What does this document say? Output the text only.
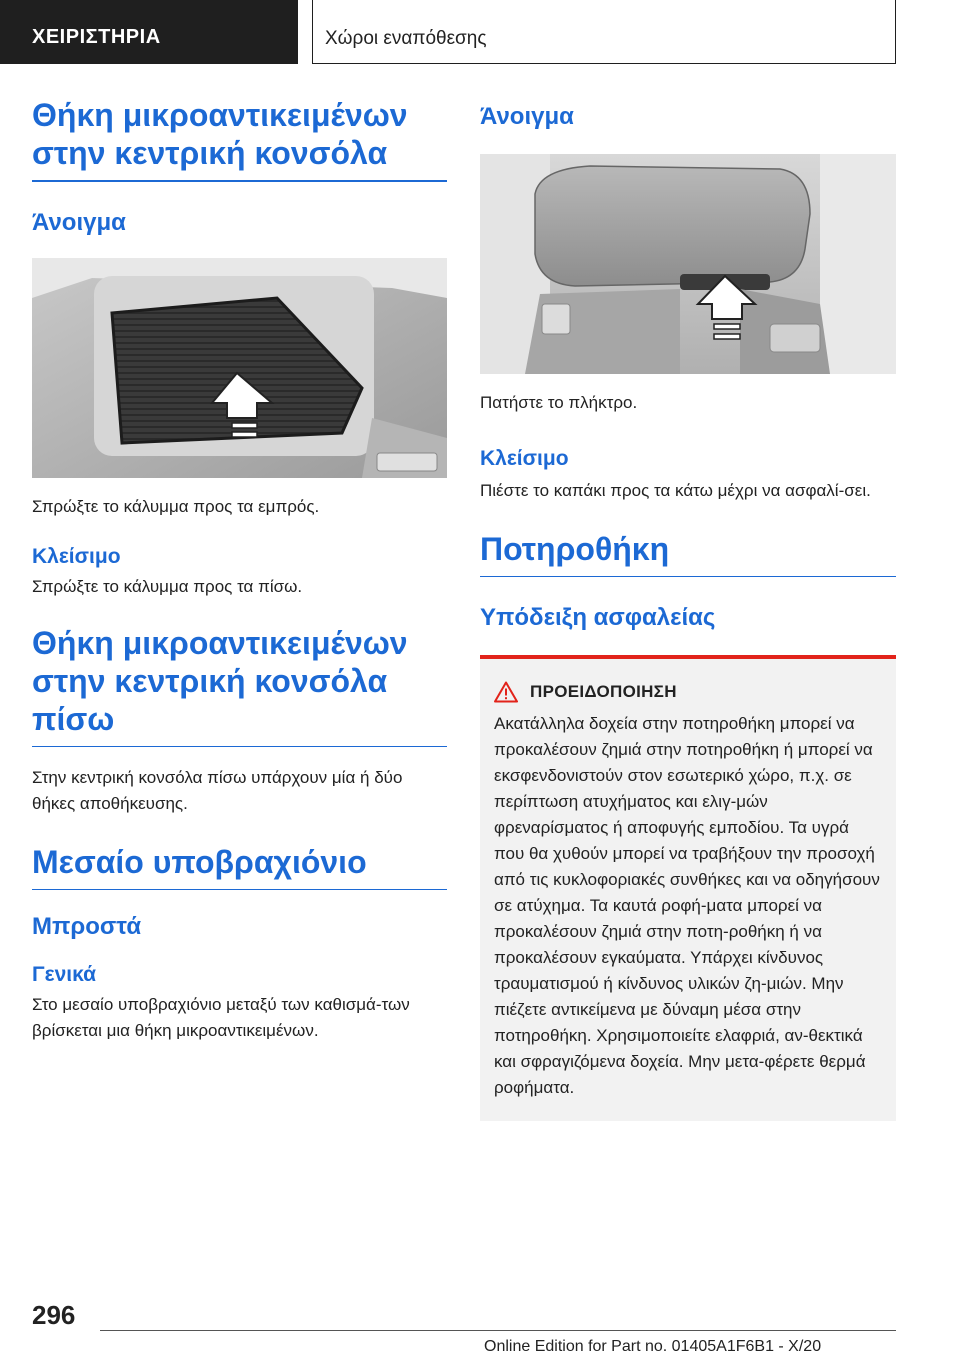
ΧΕΙΡΙΣΤΗΡΙΑ	Χώροι εναπόθεσης
Θήκη μικροαντικειμένων στην κεντρική κονσόλα
Άνοιγμα
Σπρώξτε το κάλυμμα προς τα εμπρός.
Κλείσιμο
Σπρώξτε το κάλυμμα προς τα πίσω.
Θήκη μικροαντικειμένων στην κεντρική κονσόλα πίσω
Στην κεντρική κονσόλα πίσω υπάρχουν μία ή δύο θήκες αποθήκευσης.
Μεσαίο υποβραχιόνιο
Μπροστά
Γενικά
Στο μεσαίο υποβραχιόνιο μεταξύ των καθισμά-των βρίσκεται μια θήκη μικροαντικειμένων.
Άνοιγμα
Πατήστε το πλήκτρο.
Κλείσιμο
Πιέστε το καπάκι προς τα κάτω μέχρι να ασφαλί-σει.
Ποτηροθήκη
Υπόδειξη ασφαλείας
ΠΡΟΕΙΔΟΠΟΙΗΣΗ
Ακατάλληλα δοχεία στην ποτηροθήκη μπορεί να προκαλέσουν ζημιά στην ποτηροθήκη ή μπορεί να εκσφενδονιστούν στον εσωτερικό χώρο, π.χ. σε περίπτωση ατυχήματος και ελιγ-μών φρεναρίσματος ή αποφυγής εμποδίου. Τα υγρά που θα χυθούν μπορεί να τραβήξουν την προσοχή από τις κυκλοφοριακές συνθήκες και να οδηγήσουν σε ατύχημα. Τα καυτά ροφή-ματα μπορεί να προκαλέσουν ζημιά στην ποτη-ροθήκη ή να προκαλέσουν εγκαύματα. Υπάρχει κίνδυνος τραυματισμού ή κίνδυνος υλικών ζη-μιών. Μην πιέζετε αντικείμενα με δύναμη μέσα στην ποτηροθήκη. Χρησιμοποιείτε ελαφριά, αν-θεκτικά και σφραγιζόμενα δοχεία. Μην μετα-φέρετε θερμά ροφήματα.
296
Online Edition for Part no. 01405A1F6B1 - X/20
